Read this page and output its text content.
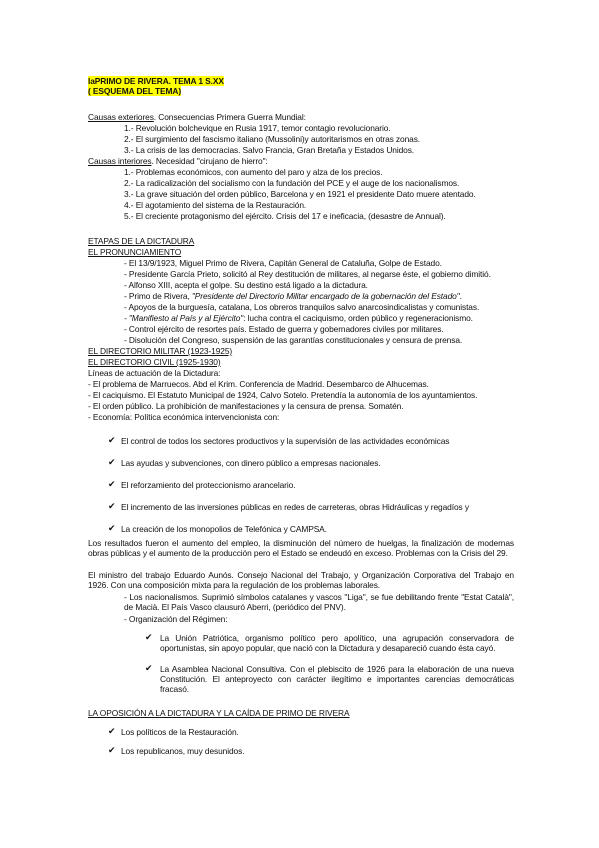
laPRIMO DE RIVERA. TEMA 1 S.XX
( ESQUEMA DEL TEMA)
Causas exteriores. Consecuencias Primera Guerra Mundial:
1.- Revolución bolchevique en Rusia 1917, temor contagio revolucionario.
2.- El surgimiento del fascismo italiano (Mussolini)y autoritarismos en otras zonas.
3.- La crisis de las democracias. Salvo Francia, Gran Bretaña y Estados Unidos.
Causas interiores. Necesidad "cirujano de hierro":
1.- Problemas económicos, con aumento del paro y alza de los precios.
2.- La radicalización del socialismo con la fundación del PCE y el auge de los nacionalismos.
3.- La grave situación del orden público, Barcelona y en 1921 el presidente Dato muere atentado.
4.- El agotamiento del sistema de la Restauración.
5.- El creciente protagonismo del ejército. Crisis del 17 e ineficacia, (desastre de Annual).
ETAPAS DE LA DICTADURA
EL PRONUNCIAMIENTO
- El 13/9/1923, Miguel Primo de Rivera, Capitán General de Cataluña, Golpe de Estado.
- Presidente García Prieto, solicitó al Rey destitución de militares, al negarse éste, el gobierno dimitió.
- Alfonso XIII, acepta el golpe. Su destino está ligado a la dictadura.
- Primo de Rivera, "Presidente del Directorio Militar encargado de la gobernación del Estado".
- Apoyos de la burguesía, catalana, Los obreros tranquilos salvo anarcosindicalistas y comunistas.
- "Manifiesto al País y al Ejército": lucha contra el caciquismo, orden público y regeneracionismo.
- Control ejército de resortes país. Estado de guerra y gobernadores civiles por militares.
- Disolución del Congreso, suspensión de las garantías constitucionales y censura de prensa.
EL DIRECTORIO MILITAR (1923-1925)
EL DIRECTORIO CIVIL (1925-1930)
Líneas de actuación de la Dictadura:
- El problema de Marruecos. Abd el Krim. Conferencia de Madrid. Desembarco de Alhucemas.
- El caciquismo. El Estatuto Municipal de 1924, Calvo Sotelo. Pretendía la autonomía de los ayuntamientos.
- El orden público. La prohibición de manifestaciones y la censura de prensa. Somatén.
- Economía: Política económica intervencionista con:
✔ El control de todos los sectores productivos y la supervisión de las actividades económicas
✔ Las ayudas y subvenciones, con dinero público a empresas nacionales.
✔ El reforzamiento del proteccionismo arancelario.
✔ El incremento de las inversiones públicas en redes de carreteras, obras Hidráulicas y regadíos y
✔ La creación de los monopolios de Telefónica y CAMPSA.
Los resultados fueron el aumento del empleo, la disminución del número de huelgas, la finalización de modernas obras públicas y el aumento de la producción pero el Estado se endeudó en exceso. Problemas con la Crisis del 29.
El ministro del trabajo Eduardo Aunós. Consejo Nacional del Trabajo, y Organización Corporativa del Trabajo en 1926. Con una composición mixta para la regulación de los problemas laborales.
- Los nacionalismos. Suprimió símbolos catalanes y vascos "Liga", se fue debilitando frente "Estat Català", de Macià. El País Vasco clausuró Aberri, (periódico del PNV).
- Organización del Régimen:
✔ La Unión Patriótica, organismo político pero apolítico, una agrupación conservadora de oportunistas, sin apoyo popular, que nació con la Dictadura y desapareció cuando ésta cayó.
✔ La Asamblea Nacional Consultiva. Con el plebiscito de 1926 para la elaboración de una nueva Constitución. El anteproyecto con carácter ilegítimo e importantes carencias democráticas fracasó.
LA OPOSICIÓN A LA DICTADURA Y LA CAÍDA DE PRIMO DE RIVERA
✔ Los políticos de la Restauración.
✔ Los republicanos, muy desunidos.
